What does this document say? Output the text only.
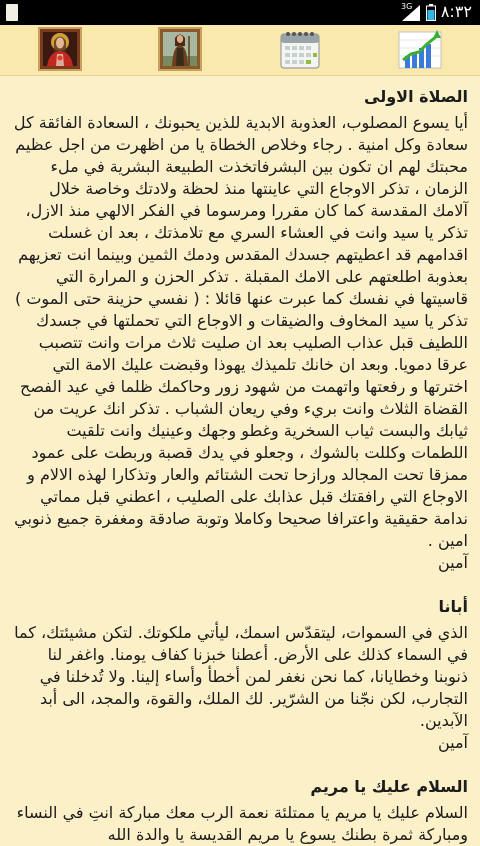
3G ٨:٣٢
الصلاة الاولى
أيا يسوع المصلوب، العذوبة الابدية للذين يحبونك ، السعادة الفائقة كل سعادة وكل امنية . رجاء وخلاص الخطاة يا من اظهرت من اجل عظيم محبتك لهم ان تكون بين البشرفاتخذت الطبيعة البشرية في ملء الزمان ، تذكر الاوجاع التي عاينتها منذ لحظة ولادتك وخاصة خلال آلامك المقدسة كما كان مقررا ومرسوما في الفكر الالهي منذ الازل، تذكر يا سيد وانت في العشاء السري مع تلامذتك ، بعد ان غسلت اقدامهم قد اعطيتهم جسدك المقدس ودمك الثمين وبينما انت تعزيهم بعذوبة اطلعتهم على الامك المقبلة . تذكر الحزن و المرارة التي قاسيتها في نفسك كما عبرت عنها قائلا : ( نفسي حزينة حتى الموت ) تذكر يا سيد المخاوف والضيقات و الاوجاع التي تحملتها في جسدك اللطيف قبل عذاب الصليب بعد ان صليت ثلاث مرات وانت تتصبب عرقا دمويا. وبعد ان خانك تلميذك يهوذا وقبضت عليك الامة التي اخترتها و رفعتها واتهمت من شهود زور وحاكمك ظلما في عيد الفصح القضاة الثلاث وانت بريء وفي ريعان الشباب . تذكر انك عريت من ثيابك والبست ثياب السخرية وغطو وجهك وعينيك وانت تلقيت اللطمات وكللت بالشوك ، وجعلو في يدك قصبة وربطت على عمود ممزقا تحت المجالد ورازحا تحت الشتائم والعار وتذكارا لهذه الالام و الاوجاع التي رافقتك قبل عذابك على الصليب ، اعطني قبل مماتي ندامة حقيقية واعترافا صحيحا وكاملا وتوبة صادقة ومغفرة جميع ذنوبي امين .
آمين
أبانا
الذي في السموات، ليتقدّس اسمك، ليأتي ملكوتك. لتكن مشيئتك، كما في السماء كذلك على الأرض. أعطنا خبزنا كفاف يومنا. واغفر لنا ذنوبنا وخطايانا، كما نحن نغفر لمن أخطأ وأساء إلينا. ولا تُدخلنا في التجارب، لكن نجّنا من الشرّير. لك الملك، والقوة، والمجد، الى أبد الآبدين.
آمين
السلام عليك يا مريم
السلام عليك يا مريم يا ممتلئة نعمة الرب معك مباركة انتِ في النساء ومباركة ثمرة بطنك يسوع يا مريم القديسة يا والدة الله
